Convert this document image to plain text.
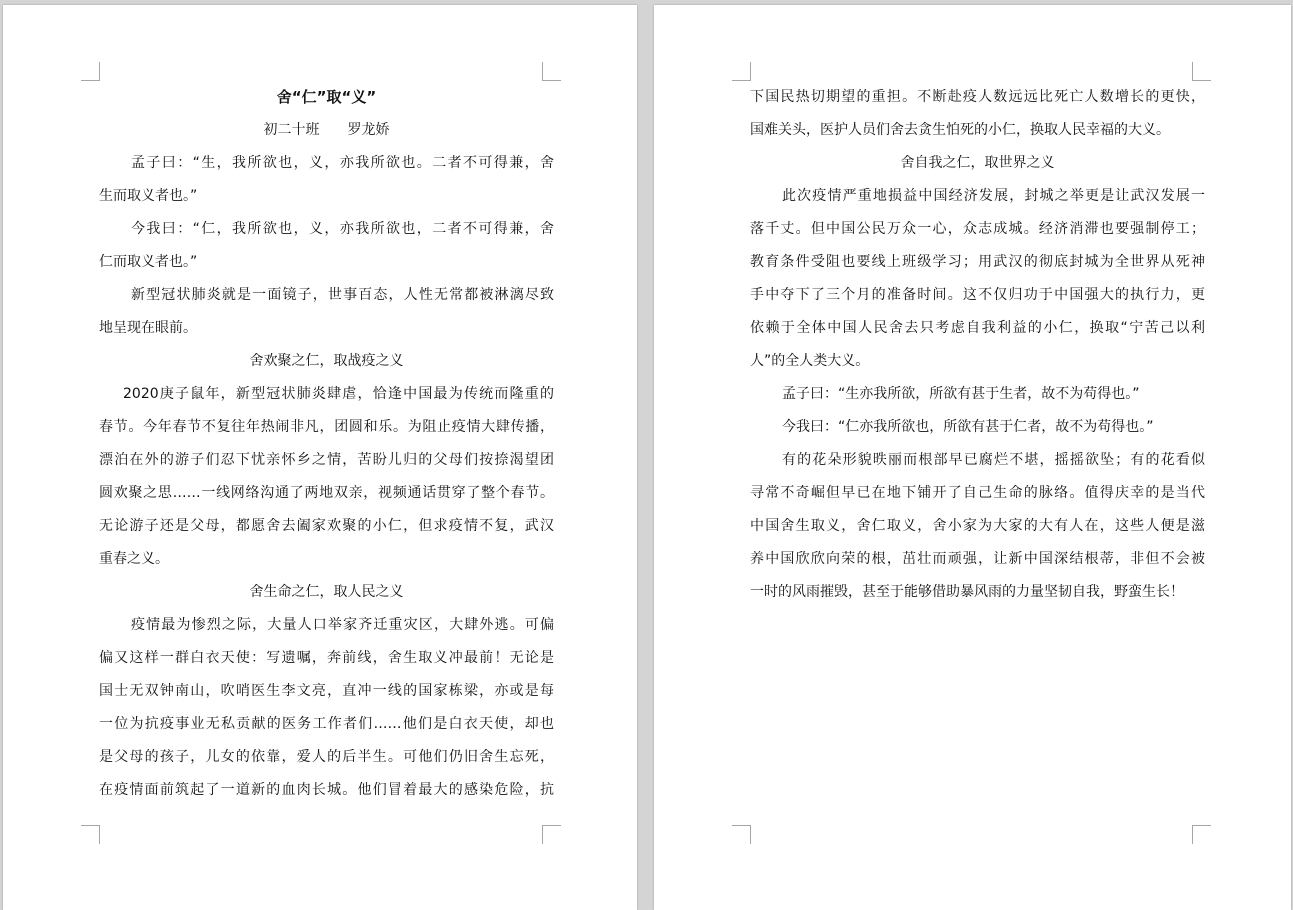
舍“仁”取“义”
初二十班　　罗龙娇
孟子曰：“生，我所欲也，义，亦我所欲也。二者不可得兼，舍
生而取义者也。”
今我曰：“仁，我所欲也，义，亦我所欲也，二者不可得兼，舍
仁而取义者也。”
新型冠状肺炎就是一面镜子，世事百态，人性无常都被淋漓尽致
地呈现在眼前。
舍欢聚之仁，取战疫之义
2020庚子鼠年，新型冠状肺炎肆虐，恰逢中国最为传统而隆重的
春节。今年春节不复往年热闹非凡，团圆和乐。为阻止疫情大肆传播，
漂泊在外的游子们忍下忧亲怀乡之情，苦盼儿归的父母们按捺渴望团
圆欢聚之思……一线网络沟通了两地双亲，视频通话贯穿了整个春节。
无论游子还是父母，都愿舍去阖家欢聚的小仁，但求疫情不复，武汉
重春之义。
舍生命之仁，取人民之义
疫情最为惨烈之际，大量人口举家齐迁重灾区，大肆外逃。可偏
偏又这样一群白衣天使：写遗嘱，奔前线，舍生取义冲最前！无论是
国士无双钟南山，吹哨医生李文亮，直冲一线的国家栋梁，亦或是每
一位为抗疫事业无私贡献的医务工作者们……他们是白衣天使，却也
是父母的孩子，儿女的依靠，爱人的后半生。可他们仍旧舍生忘死，
在疫情面前筑起了一道新的血肉长城。他们冒着最大的感染危险，抗
下国民热切期望的重担。不断赴疫人数远远比死亡人数增长的更快，
国难关头，医护人员们舍去贪生怕死的小仁，换取人民幸福的大义。
舍自我之仁，取世界之义
此次疫情严重地损益中国经济发展，封城之举更是让武汉发展一
落千丈。但中国公民万众一心，众志成城。经济消滞也要强制停工；
教育条件受阻也要线上班级学习；用武汉的彻底封城为全世界从死神
手中夺下了三个月的准备时间。这不仅归功于中国强大的执行力，更
依赖于全体中国人民舍去只考虑自我利益的小仁，换取“宁苦己以利
人”的全人类大义。
孟子曰：“生亦我所欲，所欲有甚于生者，故不为苟得也。”
今我曰：“仁亦我所欲也，所欲有甚于仁者，故不为苟得也。”
有的花朵形貌昳丽而根部早已腐烂不堪，摇摇欲坠；有的花看似
寻常不奇崛但早已在地下铺开了自己生命的脉络。值得庆幸的是当代
中国舍生取义，舍仁取义，舍小家为大家的大有人在，这些人便是滋
养中国欣欣向荣的根，茁壮而顽强，让新中国深结根蒂，非但不会被
一时的风雨摧毁，甚至于能够借助暴风雨的力量坚韧自我，野蛮生长！
